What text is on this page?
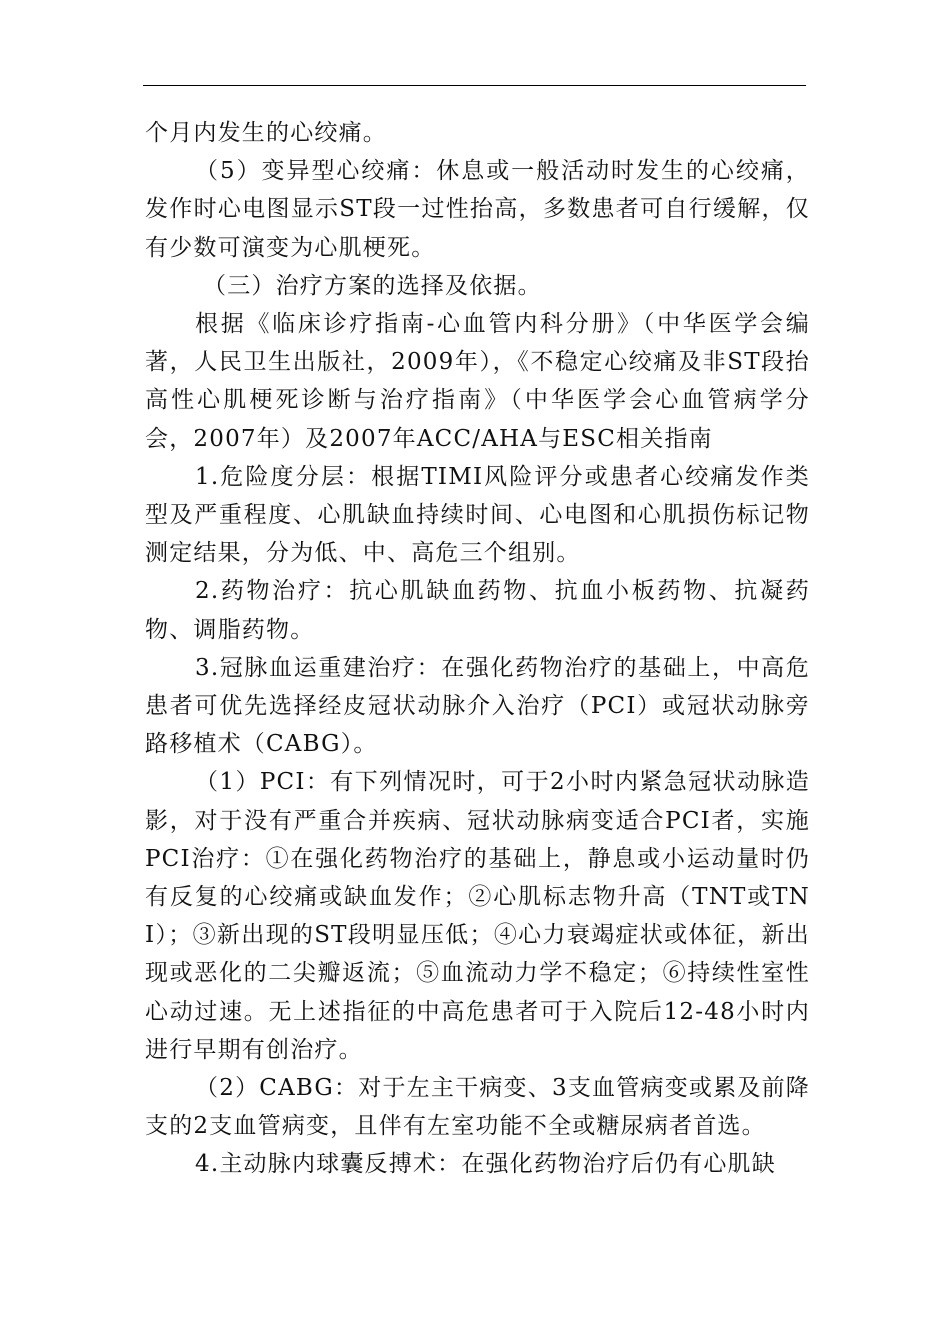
个月内发生的心绞痛。

（5）变异型心绞痛：休息或一般活动时发生的心绞痛，发作时心电图显示ST段一过性抬高，多数患者可自行缓解，仅有少数可演变为心肌梗死。

（三）治疗方案的选择及依据。

根据《临床诊疗指南-心血管内科分册》（中华医学会编著，人民卫生出版社，2009年），《不稳定心绞痛及非ST段抬高性心肌梗死诊断与治疗指南》（中华医学会心血管病学分会，2007年）及2007年ACC/AHA与ESC相关指南

1.危险度分层：根据TIMI风险评分或患者心绞痛发作类型及严重程度、心肌缺血持续时间、心电图和心肌损伤标记物测定结果，分为低、中、高危三个组别。

2.药物治疗：抗心肌缺血药物、抗血小板药物、抗凝药物、调脂药物。

3.冠脉血运重建治疗：在强化药物治疗的基础上，中高危患者可优先选择经皮冠状动脉介入治疗（PCI）或冠状动脉旁路移植术（CABG）。

（1）PCI：有下列情况时，可于2小时内紧急冠状动脉造影，对于没有严重合并疾病、冠状动脉病变适合PCI者，实施PCI治疗：①在强化药物治疗的基础上，静息或小运动量时仍有反复的心绞痛或缺血发作；②心肌标志物升高（TNT或TNI）；③新出现的ST段明显压低；④心力衰竭症状或体征，新出现或恶化的二尖瓣返流；⑤血流动力学不稳定；⑥持续性室性心动过速。无上述指征的中高危患者可于入院后12-48小时内进行早期有创治疗。

（2）CABG：对于左主干病变、3支血管病变或累及前降支的2支血管病变，且伴有左室功能不全或糖尿病者首选。

4.主动脉内球囊反搏术：在强化药物治疗后仍有心肌缺
